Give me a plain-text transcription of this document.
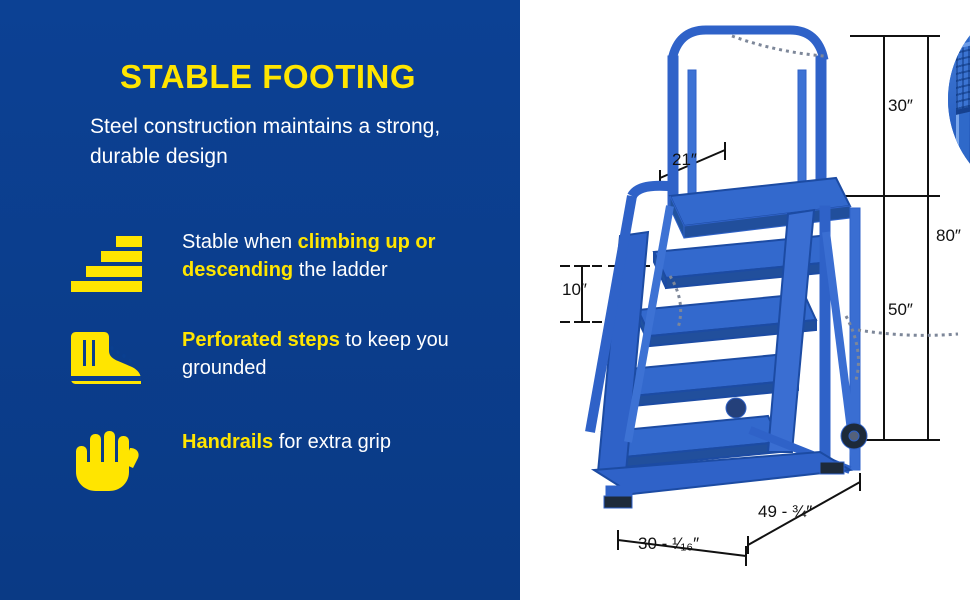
STABLE FOOTING
Steel construction maintains a strong, durable design
Stable when climbing up or descending the ladder
Perforated steps to keep you grounded
Handrails for extra grip
30″
80″
50″
21″
10″
49 - ¾″
30 - ¹⁄₁₆″
